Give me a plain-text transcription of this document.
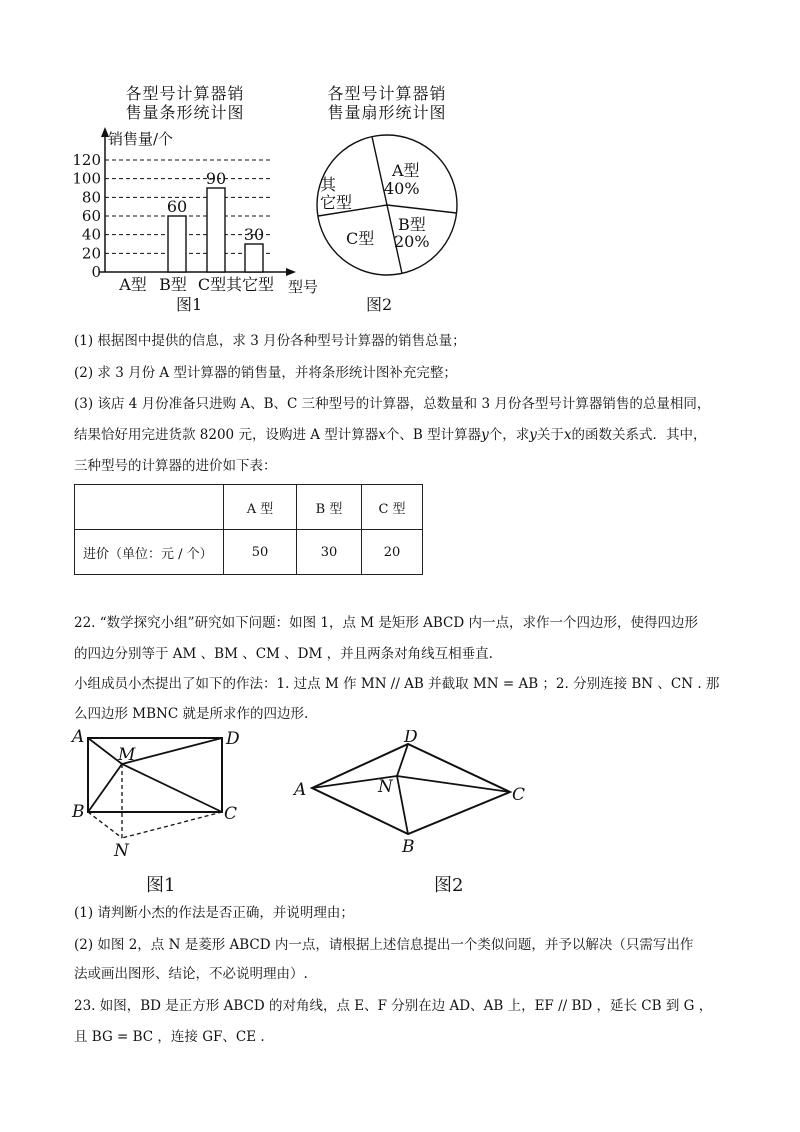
各型号计算器销
售量条形统计图
销售量/个
型号
60
90
30
0
20
40
60
80
100
120
A型 B型 C型 其它型
图1
各型号计算器销
售量扇形统计图
A型
40%
B型
20%
C型
其
它型
图2
(1) 根据图中提供的信息，求 3 月份各种型号计算器的销售总量；
(2) 求 3 月份 A 型计算器的销售量，并将条形统计图补充完整；
(3) 该店 4 月份准备只进购 A、B、C 三种型号的计算器，总数量和 3 月份各型号计算器销售的总量相同，
结果恰好用完进货款 8200 元，设购进 A 型计算器x个、B 型计算器y个，求y关于x的函数关系式．其中，
三种型号的计算器的进价如下表：
	A 型	B 型	C 型
进价（单位：元 / 个）	50	30	20
22. “数学探究小组”研究如下问题：如图 1，点 M 是矩形 ABCD 内一点，求作一个四边形，使得四边形
的四边分别等于 AM 、BM 、CM 、DM ，并且两条对角线互相垂直.
小组成员小杰提出了如下的作法：1. 过点 M 作 MN // AB 并截取 MN = AB ；2. 分别连接 BN 、CN . 那
么四边形 MBNC 就是所求作的四边形.
A	D
M
B	C
N
图1
A
D
N	C
B
图2
(1) 请判断小杰的作法是否正确，并说明理由；
(2) 如图 2，点 N 是菱形 ABCD 内一点，请根据上述信息提出一个类似问题，并予以解决（只需写出作
法或画出图形、结论，不必说明理由）.
23. 如图，BD 是正方形 ABCD 的对角线，点 E、F 分别在边 AD、AB 上，EF // BD ，延长 CB 到 G ，
且 BG = BC ，连接 GF、CE .
